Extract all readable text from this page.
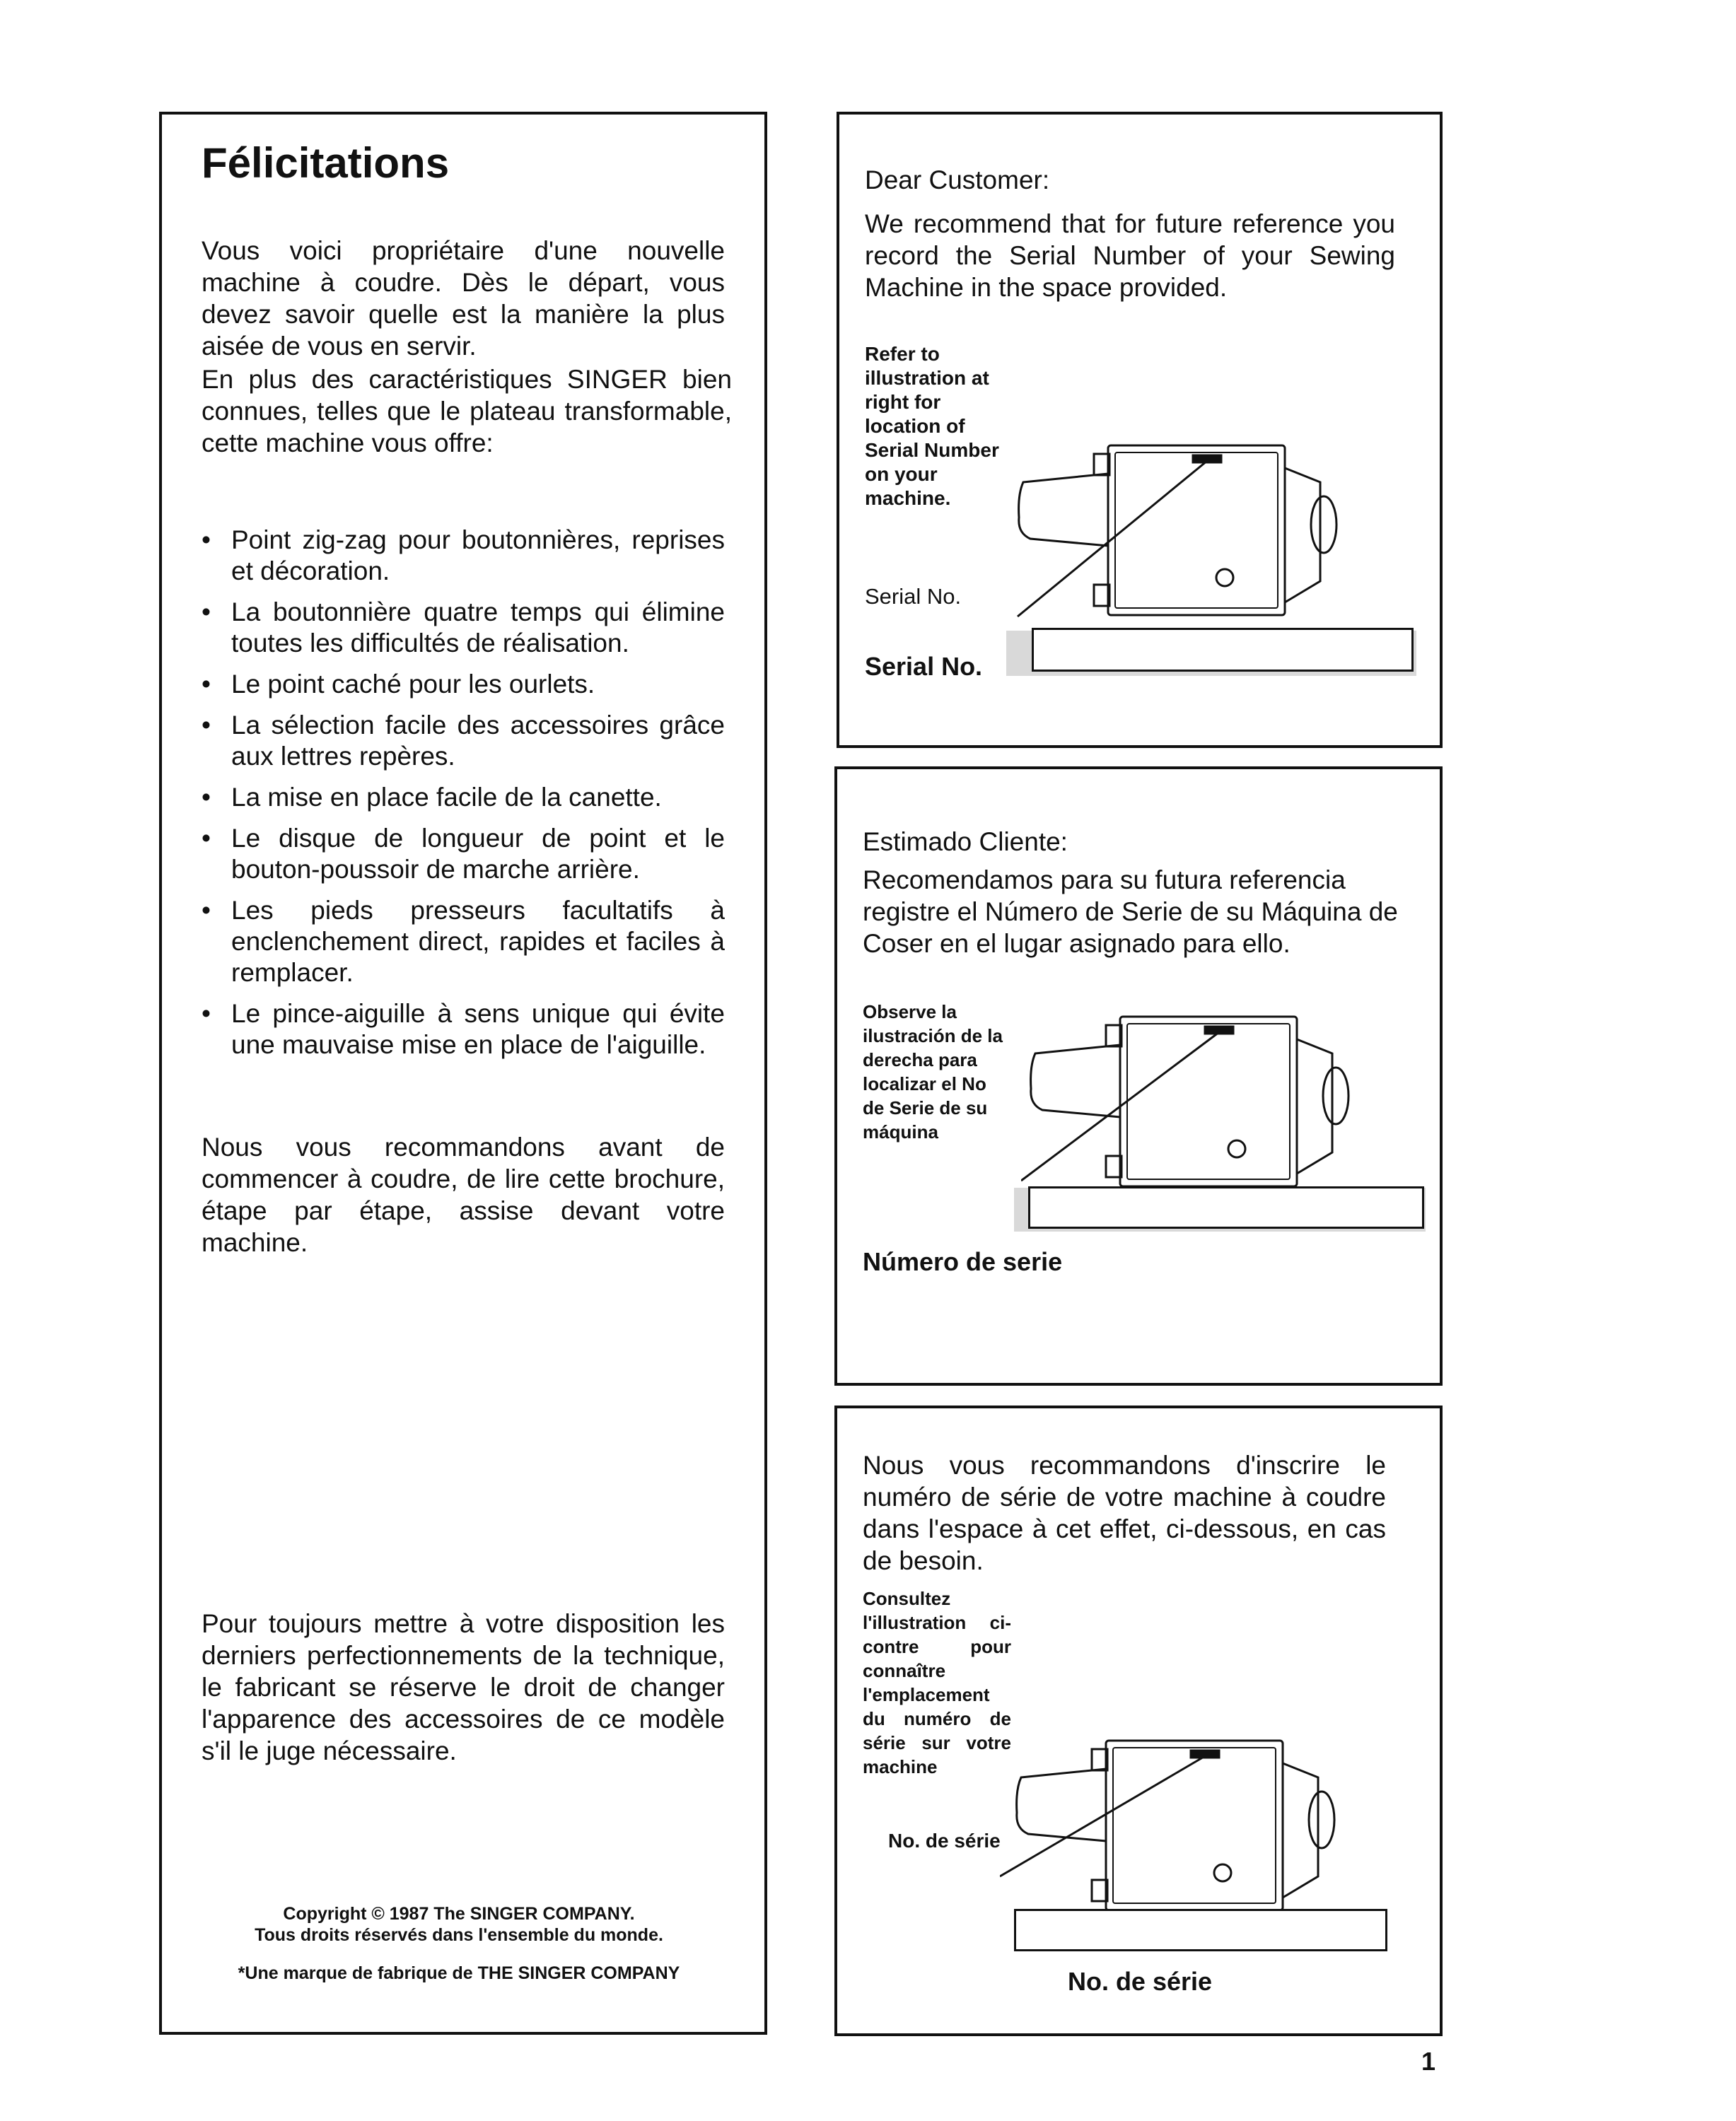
Félicitations

Vous voici propriétaire d'une nouvelle machine à coudre. Dès le départ, vous devez savoir quelle est la manière la plus aisée de vous en servir.

En plus des caractéristiques SINGER bien connues, telles que le plateau transformable, cette machine vous offre:

• Point zig-zag pour boutonnières, reprises et décoration.
• La boutonnière quatre temps qui élimine toutes les difficultés de réalisation.
• Le point caché pour les ourlets.
• La sélection facile des accessoires grâce aux lettres repères.
• La mise en place facile de la canette.
• Le disque de longueur de point et le bouton-poussoir de marche arrière.
• Les pieds presseurs facultatifs à enclenchement direct, rapides et faciles à remplacer.
• Le pince-aiguille à sens unique qui évite une mauvaise mise en place de l'aiguille.

Nous vous recommandons avant de commencer à coudre, de lire cette brochure, étape par étape, assise devant votre machine.

Pour toujours mettre à votre disposition les derniers perfectionnements de la technique, le fabricant se réserve le droit de changer l'apparence des accessoires de ce modèle s'il le juge nécessaire.

Copyright © 1987 The SINGER COMPANY.
Tous droits réservés dans l'ensemble du monde.
*Une marque de fabrique de THE SINGER COMPANY
Dear Customer:

We recommend that for future reference you record the Serial Number of your Sewing Machine in the space provided.

Refer to illustration at right for location of Serial Number on your machine.
Serial No.
Serial No.
Estimado Cliente:

Recomendamos para su futura referencia registre el Número de Serie de su Máquina de Coser en el lugar asignado para ello.

Observe la ilustración de la derecha para localizar el No de Serie de su máquina
Número de serie

Nous vous recommandons d'inscrire le numéro de série de votre machine à coudre dans l'espace à cet effet, ci-dessous, en cas de besoin.

Consultez l'illustration ci-contre pour connaître l'emplacement du numéro de série sur votre machine
No. de série
No. de série
1
